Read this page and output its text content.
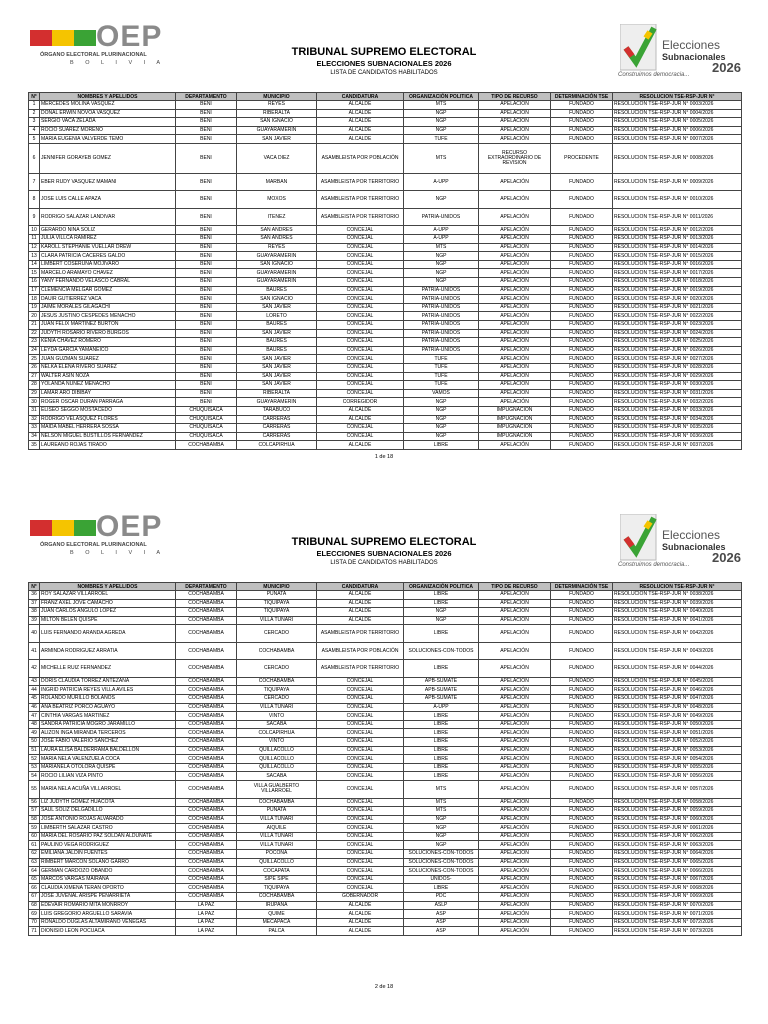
OEP
ÓRGANO ELECTORAL PLURINACIONAL
B O L I V I A
TRIBUNAL SUPREMO ELECTORAL
ELECCIONES SUBNACIONALES 2026
LISTA DE CANDIDATOS HABILITADOS
Elecciones
Subnacionales
2026
Construimos democracia...
N°	NOMBRES Y APELLIDOS	DEPARTAMENTO	MUNICIPIO	CANDIDATURA	ORGANIZACIÓN POLITICA	TIPO DE RECURSO	DETERMINACIÓN TSE	RESOLUCION TSE-RSP-JUR N°
1	MERCEDES MOLINA VASQUEZ	BENI	REYES	ALCALDE	MTS	APELACIÓN	FUNDADO	RESOLUCION TSE-RSP-JUR N° 0003/2026
2	DONAL ERWIN NOVOA VASQUEZ	BENI	RIBERALTA	ALCALDE	NGP	APELACIÓN	FUNDADO	RESOLUCION TSE-RSP-JUR N° 0004/2026
3	SERGIO VACA ZELADA	BENI	SAN IGNACIO	ALCALDE	NGP	APELACIÓN	FUNDADO	RESOLUCION TSE-RSP-JUR N° 0005/2026
4	ROCIO SUAREZ MORENO	BENI	GUAYARAMERIN	ALCALDE	NGP	APELACIÓN	FUNDADO	RESOLUCION TSE-RSP-JUR N° 0006/2026
5	MARIA EUGENIA VALVERDE TEMO	BENI	SAN JAVIER	ALCALDE	TUFE	APELACIÓN	FUNDADO	RESOLUCION TSE-RSP-JUR N° 0007/2026
6	JENNIFER GORAYEB GOMEZ	BENI	VACA DIEZ	ASAMBLEISTA POR POBLACIÓN	MTS	RECURSO EXTRAORDINARIO DE REVISION	PROCEDENTE	RESOLUCION TSE-RSP-JUR N° 0008/2026
7	EBER RUDY VASQUEZ MAMANI	BENI	MARBAN	ASAMBLEISTA POR TERRITORIO	A-UPP	APELACIÓN	FUNDADO	RESOLUCION TSE-RSP-JUR N° 0009/2026
8	JOSE LUIS CALLE APAZA	BENI	MOXOS	ASAMBLEISTA POR TERRITORIO	NGP	APELACIÓN	FUNDADO	RESOLUCION TSE-RSP-JUR N° 0010/2026
9	RODRIGO SALAZAR LANDIVAR	BENI	ITENEZ	ASAMBLEISTA POR TERRITORIO	PATRIA-UNIDOS	APELACIÓN	FUNDADO	RESOLUCION TSE-RSP-JUR N° 0011/2026
10	GERARDO NINA SOLIZ	BENI	SAN ANDRES	CONCEJAL	A-UPP	APELACIÓN	FUNDADO	RESOLUCION TSE-RSP-JUR N° 0012/2026
11	JULIA VILLCA RAMIREZ	BENI	SAN ANDRES	CONCEJAL	A-UPP	APELACIÓN	FUNDADO	RESOLUCION TSE-RSP-JUR N° 0013/2026
12	KAROLL STEPHANIE VUELLAR DREW	BENI	REYES	CONCEJAL	MTS	APELACIÓN	FUNDADO	RESOLUCION TSE-RSP-JUR N° 0014/2026
13	CLARA PATRICIA CACERES GALDO	BENI	GUAYARAMERIN	CONCEJAL	NGP	APELACIÓN	FUNDADO	RESOLUCION TSE-RSP-JUR N° 0015/2026
14	LIMBERT COSERUNA MOJIVARO	BENI	SAN IGNACIO	CONCEJAL	NGP	APELACIÓN	FUNDADO	RESOLUCION TSE-RSP-JUR N° 0016/2026
15	MARCELO ARAMAYO CHAVEZ	BENI	GUAYARAMERIN	CONCEJAL	NGP	APELACIÓN	FUNDADO	RESOLUCION TSE-RSP-JUR N° 0017/2026
16	YANY FERNANDO VELASCO CABRAL	BENI	GUAYARAMERIN	CONCEJAL	NGP	APELACIÓN	FUNDADO	RESOLUCION TSE-RSP-JUR N° 0018/2026
17	CLEMENCIA MELGAR GOMEZ	BENI	BAURES	CONCEJAL	PATRIA-UNIDOS	APELACIÓN	FUNDADO	RESOLUCION TSE-RSP-JUR N° 0019/2026
18	DAUIR GUTIERREZ VACA	BENI	SAN IGNACIO	CONCEJAL	PATRIA-UNIDOS	APELACIÓN	FUNDADO	RESOLUCION TSE-RSP-JUR N° 0020/2026
19	JAIME MORALES GILAGACHI	BENI	SAN JAVIER	CONCEJAL	PATRIA-UNIDOS	APELACIÓN	FUNDADO	RESOLUCION TSE-RSP-JUR N° 0021/2026
20	JESUS JUSTINO CESPEDES MENACHO	BENI	LORETO	CONCEJAL	PATRIA-UNIDOS	APELACIÓN	FUNDADO	RESOLUCION TSE-RSP-JUR N° 0022/2026
21	JUAN FELIX MARTINEZ BURTON	BENI	BAURES	CONCEJAL	PATRIA-UNIDOS	APELACIÓN	FUNDADO	RESOLUCION TSE-RSP-JUR N° 0023/2026
22	JUDYTH ROSARIO RIVERO BURGOS	BENI	SAN JAVIER	CONCEJAL	PATRIA-UNIDOS	APELACIÓN	FUNDADO	RESOLUCION TSE-RSP-JUR N° 0024/2026
23	KENIA CHAVEZ ROMERO	BENI	BAURES	CONCEJAL	PATRIA-UNIDOS	APELACIÓN	FUNDADO	RESOLUCION TSE-RSP-JUR N° 0025/2026
24	LEYDA GARCIA YAMANEICO	BENI	BAURES	CONCEJAL	PATRIA-UNIDOS	APELACIÓN	FUNDADO	RESOLUCION TSE-RSP-JUR N° 0026/2026
25	JUAN GUZMAN SUAREZ	BENI	SAN JAVIER	CONCEJAL	TUFE	APELACIÓN	FUNDADO	RESOLUCION TSE-RSP-JUR N° 0027/2026
26	NELKA ELENA RIVERO SUAREZ	BENI	SAN JAVIER	CONCEJAL	TUFE	APELACIÓN	FUNDADO	RESOLUCION TSE-RSP-JUR N° 0028/2026
27	WALTER ASIN NOZA	BENI	SAN JAVIER	CONCEJAL	TUFE	APELACIÓN	FUNDADO	RESOLUCION TSE-RSP-JUR N° 0029/2026
28	YOLANDA NUÑEZ MENACHO	BENI	SAN JAVIER	CONCEJAL	TUFE	APELACIÓN	FUNDADO	RESOLUCION TSE-RSP-JUR N° 0030/2026
29	LAMAR ARO DIBIBAY	BENI	RIBERALTA	CONCEJAL	VAMOS	APELACIÓN	FUNDADO	RESOLUCION TSE-RSP-JUR N° 0031/2026
30	ROGER OSCAR DURAN PARRAGA	BENI	GUAYARAMERIN	CORREGIDOR	NGP	APELACIÓN	FUNDADO	RESOLUCION TSE-RSP-JUR N° 0032/2026
31	ELISEO SEGGO MOSTACEDO	CHUQUISACA	TARABUCO	ALCALDE	NGP	IMPUGNACIÓN	FUNDADO	RESOLUCION TSE-RSP-JUR N° 0033/2026
32	RODRIGO VELASQUEZ FLORES	CHUQUISACA	CARRERAS	ALCALDE	NGP	IMPUGNACIÓN	FUNDADO	RESOLUCION TSE-RSP-JUR N° 0034/2026
33	MAIDA MABEL HERRERA SOSSA	CHUQUISACA	CARRERAS	CONCEJAL	NGP	IMPUGNACIÓN	FUNDADO	RESOLUCION TSE-RSP-JUR N° 0035/2026
34	NELSON MIGUEL BUSTILLOS FERNANDEZ	CHUQUISACA	CARRERAS	CONCEJAL	NGP	IMPUGNACIÓN	FUNDADO	RESOLUCION TSE-RSP-JUR N° 0036/2026
35	LAUREANO ROJAS TIRADO	COCHABAMBA	COLCAPIRHUA	ALCALDE	LIBRE	APELACIÓN	FUNDADO	RESOLUCION TSE-RSP-JUR N° 0037/2026
1 de 18
OEP
ÓRGANO ELECTORAL PLURINACIONAL
B O L I V I A
TRIBUNAL SUPREMO ELECTORAL
ELECCIONES SUBNACIONALES 2026
LISTA DE CANDIDATOS HABILITADOS
Elecciones
Subnacionales
2026
Construimos democracia...
N°	NOMBRES Y APELLIDOS	DEPARTAMENTO	MUNICIPIO	CANDIDATURA	ORGANIZACIÓN POLITICA	TIPO DE RECURSO	DETERMINACIÓN TSE	RESOLUCION TSE-RSP-JUR N°
36	ROY SALAZAR VILLARROEL	COCHABAMBA	PUNATA	ALCALDE	LIBRE	APELACIÓN	FUNDADO	RESOLUCION TSE-RSP-JUR N° 0038/2026
37	FRANZ AXEL JOVE CAMACHO	COCHABAMBA	TIQUIPAYA	ALCALDE	LIBRE	APELACIÓN	FUNDADO	RESOLUCION TSE-RSP-JUR N° 0039/2026
38	JUAN CARLOS ANGULO LOPEZ	COCHABAMBA	TIQUIPAYA	ALCALDE	NGP	APELACIÓN	FUNDADO	RESOLUCION TSE-RSP-JUR N° 0040/2026
39	MILTON BELEN QUISPE	COCHABAMBA	VILLA TUNARI	ALCALDE	NGP	APELACIÓN	FUNDADO	RESOLUCION TSE-RSP-JUR N° 0041/2026
40	LUIS FERNANDO ARANDA AGREDA	COCHABAMBA	CERCADO	ASAMBLEISTA POR TERRITORIO	LIBRE	APELACIÓN	FUNDADO	RESOLUCION TSE-RSP-JUR N° 0042/2026
41	ARMINDA RODRIGUEZ ARRATIA	COCHABAMBA	COCHABAMBA	ASAMBLEISTA POR POBLACIÓN	SOLUCIONES-CON-TODOS	APELACIÓN	FUNDADO	RESOLUCION TSE-RSP-JUR N° 0043/2026
42	MICHELLE RUIZ FERNANDEZ	COCHABAMBA	CERCADO	ASAMBLEISTA POR TERRITORIO	LIBRE	APELACIÓN	FUNDADO	RESOLUCION TSE-RSP-JUR N° 0044/2026
43	DORIS CLAUDIA TORREZ ANTEZANA	COCHABAMBA	COCHABAMBA	CONCEJAL	APB-SUMATE	APELACIÓN	FUNDADO	RESOLUCION TSE-RSP-JUR N° 0045/2026
44	INGRID PATRICIA REYES VILLA AVILES	COCHABAMBA	TIQUIPAYA	CONCEJAL	APB-SUMATE	APELACIÓN	FUNDADO	RESOLUCION TSE-RSP-JUR N° 0046/2026
45	ROLANDO MURILLO BOLAÑOS	COCHABAMBA	CERCADO	CONCEJAL	APB-SUMATE	APELACIÓN	FUNDADO	RESOLUCION TSE-RSP-JUR N° 0047/2026
46	ANA BEATRIZ PORCO AGUAYO	COCHABAMBA	VILLA TUNARI	CONCEJAL	A-UPP	APELACIÓN	FUNDADO	RESOLUCION TSE-RSP-JUR N° 0048/2026
47	CINTHIA VARGAS MARTINEZ	COCHABAMBA	VINTO	CONCEJAL	LIBRE	APELACIÓN	FUNDADO	RESOLUCION TSE-RSP-JUR N° 0049/2026
48	SANDRA PATRICIA MOGRO JARAMILLO	COCHABAMBA	SACABA	CONCEJAL	LIBRE	APELACIÓN	FUNDADO	RESOLUCION TSE-RSP-JUR N° 0050/2026
49	ALIZON INGA MIRANDA TERCEROS	COCHABAMBA	COLCAPIRHUA	CONCEJAL	LIBRE	APELACIÓN	FUNDADO	RESOLUCION TSE-RSP-JUR N° 0051/2026
50	JOSE FABIO VALERIO SANCHEZ	COCHABAMBA	VINTO	CONCEJAL	LIBRE	APELACIÓN	FUNDADO	RESOLUCION TSE-RSP-JUR N° 0052/2026
51	LAURA ELISA BALDERRAMA BALDELLON	COCHABAMBA	QUILLACOLLO	CONCEJAL	LIBRE	APELACIÓN	FUNDADO	RESOLUCION TSE-RSP-JUR N° 0053/2026
52	MARIA NELA VALENZUELA COCA	COCHABAMBA	QUILLACOLLO	CONCEJAL	LIBRE	APELACIÓN	FUNDADO	RESOLUCION TSE-RSP-JUR N° 0054/2026
53	MARIANELA OTOLORA QUISPE	COCHABAMBA	QUILLACOLLO	CONCEJAL	LIBRE	APELACIÓN	FUNDADO	RESOLUCION TSE-RSP-JUR N° 0055/2026
54	ROCIO LILIAN VIZA PINTO	COCHABAMBA	SACABA	CONCEJAL	LIBRE	APELACIÓN	FUNDADO	RESOLUCION TSE-RSP-JUR N° 0056/2026
55	MARIA NELA ACUÑA VILLARROEL	COCHABAMBA	VILLA GUALBERTO VILLARROEL	CONCEJAL	MTS	APELACIÓN	FUNDADO	RESOLUCION TSE-RSP-JUR N° 0057/2026
56	LIZ JUDYTH GOMEZ HUACOTA	COCHABAMBA	COCHABAMBA	CONCEJAL	MTS	APELACIÓN	FUNDADO	RESOLUCION TSE-RSP-JUR N° 0058/2026
57	SAUL SOLIZ DELGADILLO	COCHABAMBA	PUNATA	CONCEJAL	MTS	APELACIÓN	FUNDADO	RESOLUCION TSE-RSP-JUR N° 0059/2026
58	JOSE ANTONIO ROJAS ALVARADO	COCHABAMBA	VILLA TUNARI	CONCEJAL	NGP	APELACIÓN	FUNDADO	RESOLUCION TSE-RSP-JUR N° 0060/2026
59	LIMBERTH SALAZAR CASTRO	COCHABAMBA	AIQUILE	CONCEJAL	NGP	APELACIÓN	FUNDADO	RESOLUCION TSE-RSP-JUR N° 0061/2026
60	MARIA DEL ROSARIO PAZ SOLDAN ALDUNATE	COCHABAMBA	VILLA TUNARI	CONCEJAL	NGP	APELACIÓN	FUNDADO	RESOLUCION TSE-RSP-JUR N° 0062/2026
61	PAULINO VEGA RODRIGUEZ	COCHABAMBA	VILLA TUNARI	CONCEJAL	NGP	APELACIÓN	FUNDADO	RESOLUCION TSE-RSP-JUR N° 0063/2026
62	EMILIANA JALDIN FUENTES	COCHABAMBA	POCONA	CONCEJAL	SOLUCIONES-CON-TODOS	APELACIÓN	FUNDADO	RESOLUCION TSE-RSP-JUR N° 0064/2026
63	RIMBERT MARCON SOLANO GARRO	COCHABAMBA	QUILLACOLLO	CONCEJAL	SOLUCIONES-CON-TODOS	APELACIÓN	FUNDADO	RESOLUCION TSE-RSP-JUR N° 0065/2026
64	GERMAN CARDOZO OBANDO	COCHABAMBA	COCAPATA	CONCEJAL	SOLUCIONES-CON-TODOS	APELACIÓN	FUNDADO	RESOLUCION TSE-RSP-JUR N° 0066/2026
65	MARCOS VARGAS MAIRANA	COCHABAMBA	SIPE SIPE	CONCEJAL	UNIDOS-	APELACIÓN	FUNDADO	RESOLUCION TSE-RSP-JUR N° 0067/2026
66	CLAUDIA XIMENA TERAN OPORTO	COCHABAMBA	TIQUIPAYA	CONCEJAL	LIBRE	APELACIÓN	FUNDADO	RESOLUCION TSE-RSP-JUR N° 0068/2026
67	JOSE JUVENAL ARISPE PEÑARRIETA	COCHABAMBA	COCHABAMBA	GOBERNADOR	PDC	APELACIÓN	FUNDADO	RESOLUCION TSE-RSP-JUR N° 0069/2026
68	EDEVAIR ROMARIO MITA MONRROY	LA PAZ	IRUPANA	ALCALDE	ASLP	APELACIÓN	FUNDADO	RESOLUCION TSE-RSP-JUR N° 0070/2026
69	LUIS GREGORIO ARGUELLO SARAVIA	LA PAZ	QUIME	ALCALDE	ASP	APELACIÓN	FUNDADO	RESOLUCION TSE-RSP-JUR N° 0071/2026
70	RONALDO DUGLAS ALTAMIRANO VENEGAS	LA PAZ	MECAPACA	ALCALDE	ASP	APELACIÓN	FUNDADO	RESOLUCION TSE-RSP-JUR N° 0072/2026
71	DIONISIO LEON POCUACA	LA PAZ	PALCA	ALCALDE	ASP	APELACIÓN	FUNDADO	RESOLUCION TSE-RSP-JUR N° 0073/2026
2 de 18
